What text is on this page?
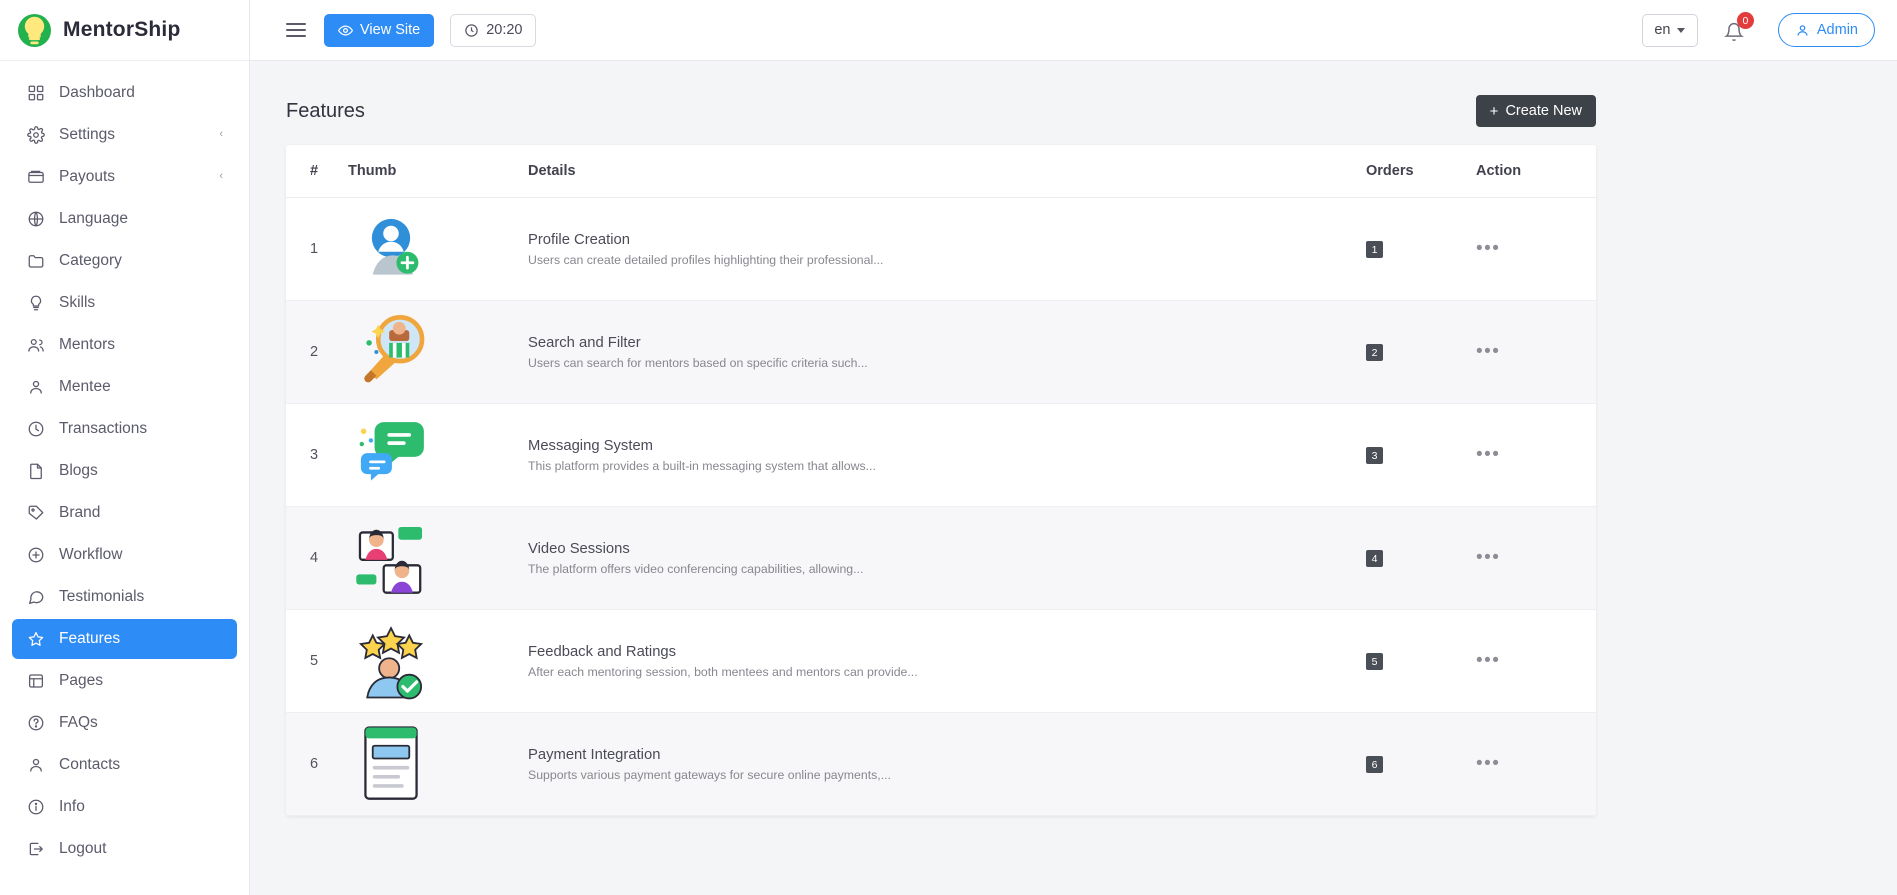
MentorShip
Dashboard
Settings	‹
Payouts	‹
Language
Category
Skills
Mentors
Mentee
Transactions
Blogs
Brand
Workflow
Testimonials
Features
Pages
FAQs
Contacts
Info
Logout
View Site	20:20	en
0
Admin
Features	+ Create New
#	Thumb	Details	Orders	Action
1		Profile Creation
Users can create detailed profiles highlighting their professional...	1	•••
2		Search and Filter
Users can search for mentors based on specific criteria such...	2	•••
3		Messaging System
This platform provides a built-in messaging system that allows...	3	•••
4		Video Sessions
The platform offers video conferencing capabilities, allowing...	4	•••
5		Feedback and Ratings
After each mentoring session, both mentees and mentors can provide...	5	•••
6		Payment Integration
Supports various payment gateways for secure online payments,...	6	•••
